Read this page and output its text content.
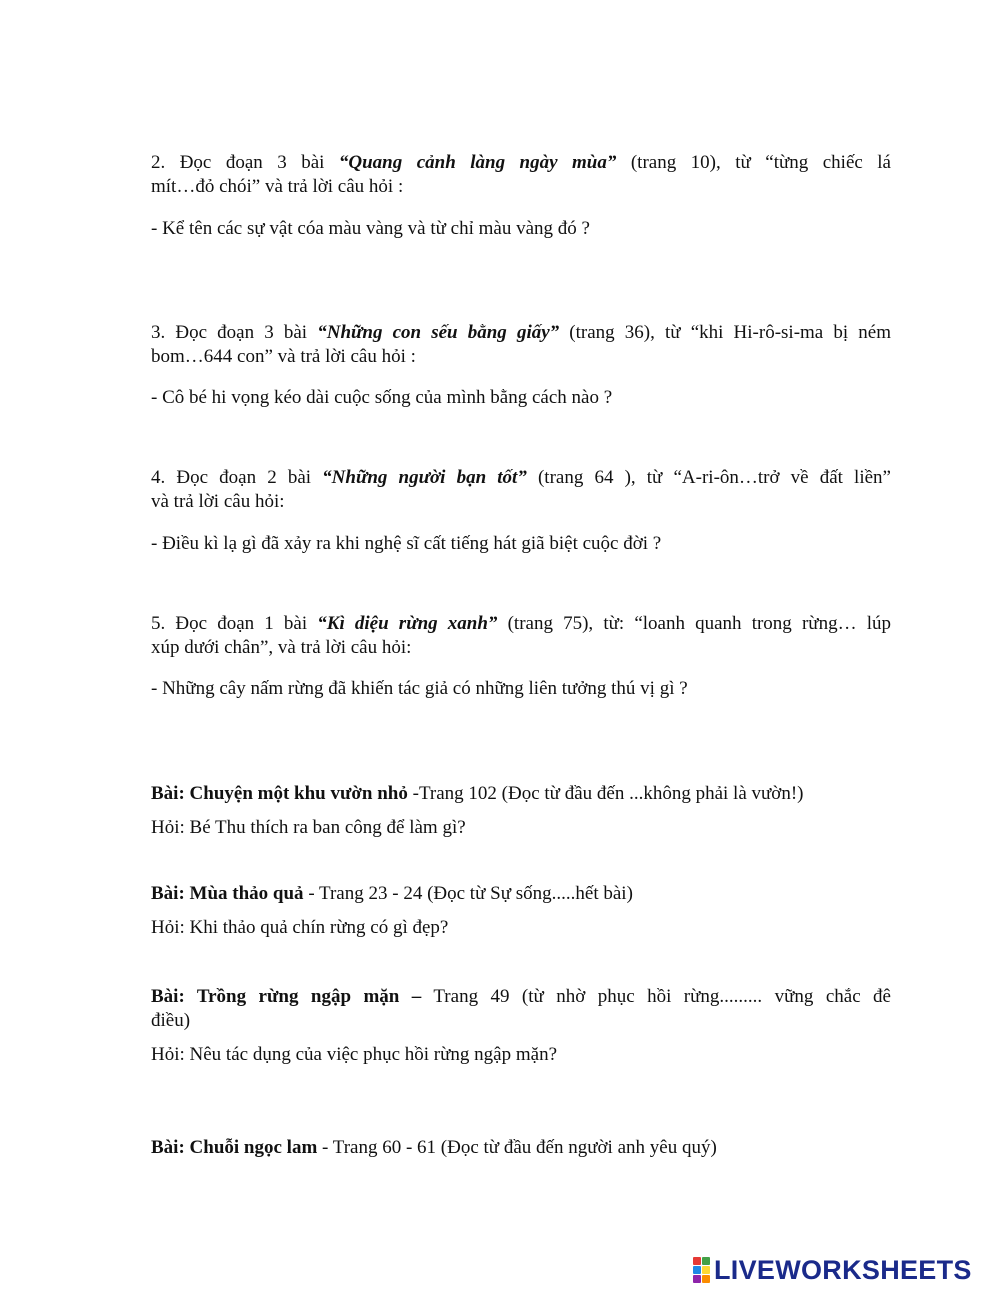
2. Đọc đoạn 3 bài “Quang cảnh làng ngày mùa” (trang 10), từ “từng chiếc lá
mít…đỏ chói” và trả lời câu hỏi :
- Kể tên các sự vật cóa màu vàng và từ chỉ màu vàng đó ?
3. Đọc đoạn 3 bài “Những con sếu bằng giấy” (trang 36), từ “khi Hi-rô-si-ma bị ném
bom…644 con” và trả lời câu hỏi :
- Cô bé hi vọng kéo dài cuộc sống của mình bằng cách nào ?
4. Đọc đoạn 2 bài “Những người bạn tốt” (trang 64 ), từ “A-ri-ôn…trở về đất liền”
và trả lời câu hỏi:
- Điều kì lạ gì đã xảy ra khi nghệ sĩ cất tiếng hát giã biệt cuộc đời ?
5. Đọc đoạn 1 bài “Kì diệu rừng xanh” (trang 75), từ: “loanh quanh trong rừng… lúp
xúp dưới chân”, và trả lời câu hỏi:
- Những cây nấm rừng đã khiến tác giả có những liên tưởng thú vị gì ?
Bài: Chuyện một khu vườn nhỏ -Trang 102 (Đọc từ đầu đến ...không phải là vườn!)
Hỏi: Bé Thu thích ra ban công để làm gì?
Bài: Mùa thảo quả - Trang 23 - 24 (Đọc từ Sự sống.....hết bài)
Hỏi: Khi thảo quả chín rừng có gì đẹp?
Bài: Trồng rừng ngập mặn – Trang 49 (từ nhờ phục hồi rừng......... vững chắc đê
điều)
Hỏi: Nêu tác dụng của việc phục hồi rừng ngập mặn?
Bài: Chuỗi ngọc lam - Trang 60 - 61 (Đọc từ đầu đến người anh yêu quý)
LIVEWORKSHEETS
